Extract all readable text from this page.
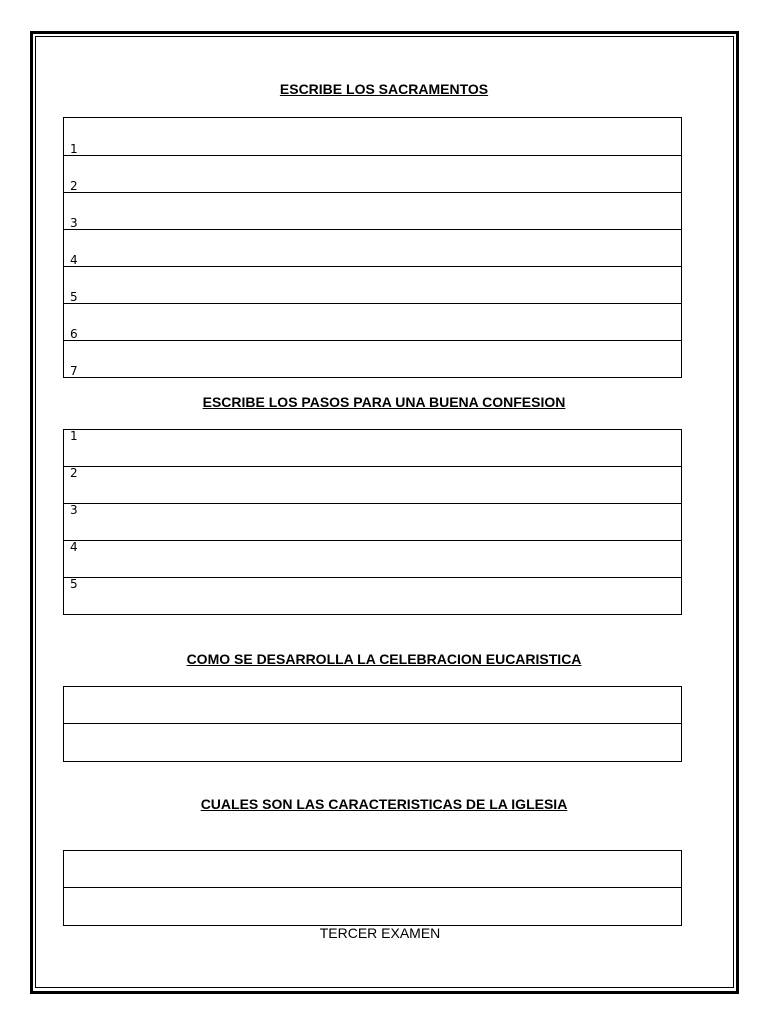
ESCRIBE LOS SACRAMENTOS
1
2
3
4
5
6
7
ESCRIBE LOS PASOS PARA UNA BUENA CONFESION
1
2
3
4
5
COMO SE DESARROLLA LA CELEBRACION EUCARISTICA

CUALES SON LAS CARACTERISTICAS DE LA IGLESIA

TERCER EXAMEN
